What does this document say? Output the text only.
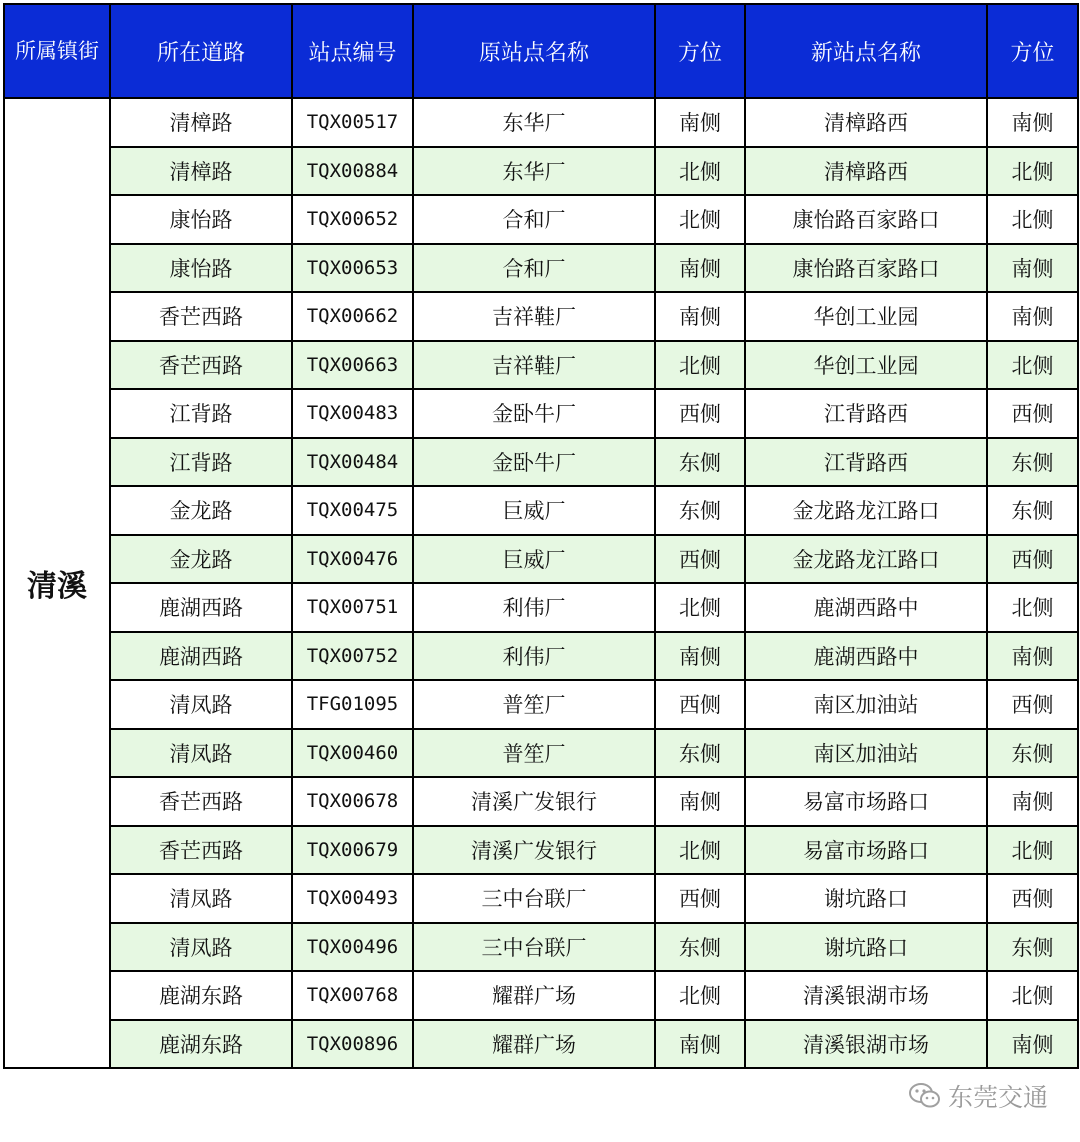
所属镇街	所在道路	站点编号	原站点名称	方位	新站点名称	方位
清溪	清樟路	TQX00517	东华厂	南侧	清樟路西	南侧
	清樟路	TQX00884	东华厂	北侧	清樟路西	北侧
	康怡路	TQX00652	合和厂	北侧	康怡路百家路口	北侧
	康怡路	TQX00653	合和厂	南侧	康怡路百家路口	南侧
	香芒西路	TQX00662	吉祥鞋厂	南侧	华创工业园	南侧
	香芒西路	TQX00663	吉祥鞋厂	北侧	华创工业园	北侧
	江背路	TQX00483	金卧牛厂	西侧	江背路西	西侧
	江背路	TQX00484	金卧牛厂	东侧	江背路西	东侧
	金龙路	TQX00475	巨威厂	东侧	金龙路龙江路口	东侧
	金龙路	TQX00476	巨威厂	西侧	金龙路龙江路口	西侧
	鹿湖西路	TQX00751	利伟厂	北侧	鹿湖西路中	北侧
	鹿湖西路	TQX00752	利伟厂	南侧	鹿湖西路中	南侧
	清凤路	TFG01095	普笙厂	西侧	南区加油站	西侧
	清凤路	TQX00460	普笙厂	东侧	南区加油站	东侧
	香芒西路	TQX00678	清溪广发银行	南侧	易富市场路口	南侧
	香芒西路	TQX00679	清溪广发银行	北侧	易富市场路口	北侧
	清凤路	TQX00493	三中台联厂	西侧	谢坑路口	西侧
	清凤路	TQX00496	三中台联厂	东侧	谢坑路口	东侧
	鹿湖东路	TQX00768	耀群广场	北侧	清溪银湖市场	北侧
	鹿湖东路	TQX00896	耀群广场	南侧	清溪银湖市场	南侧
东莞交通
